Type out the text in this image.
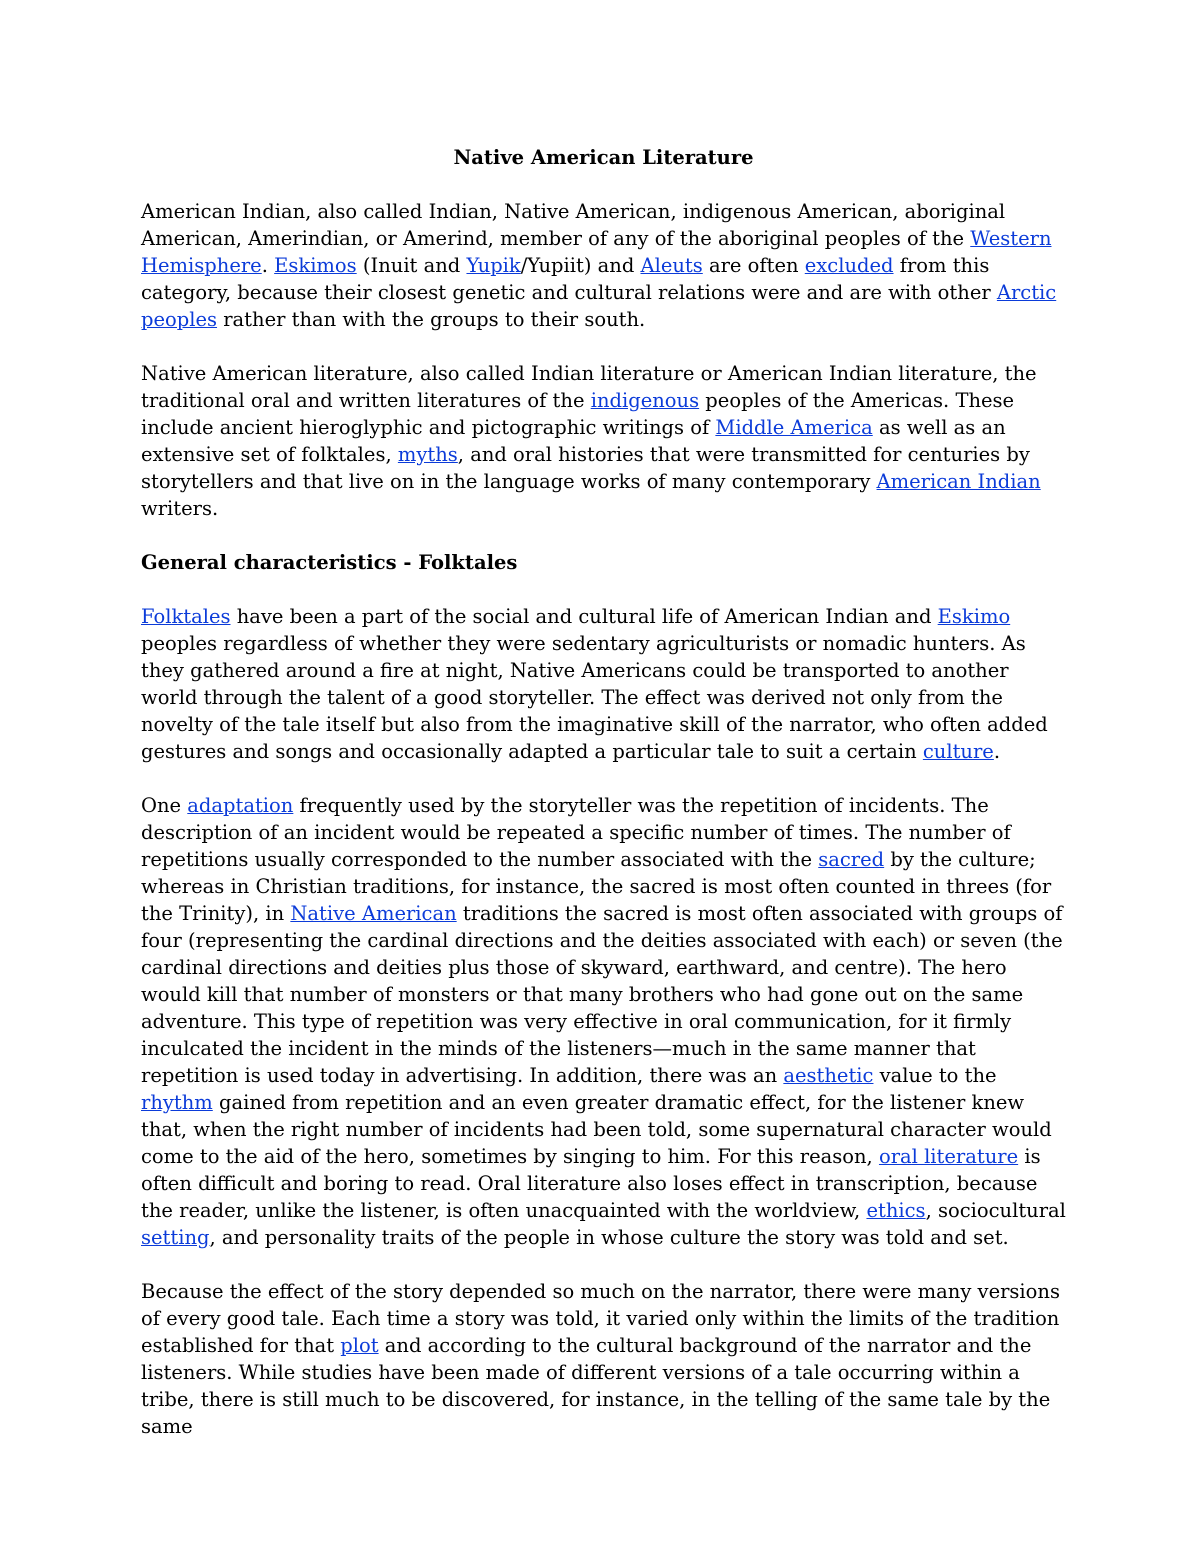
Native American Literature

American Indian, also called Indian, Native American, indigenous American, aboriginal American, Amerindian, or Amerind, member of any of the aboriginal peoples of the Western Hemisphere. Eskimos (Inuit and Yupik/Yupiit) and Aleuts are often excluded from this category, because their closest genetic and cultural relations were and are with other Arctic peoples rather than with the groups to their south.

Native American literature, also called Indian literature or American Indian literature, the traditional oral and written literatures of the indigenous peoples of the Americas. These include ancient hieroglyphic and pictographic writings of Middle America as well as an extensive set of folktales, myths, and oral histories that were transmitted for centuries by storytellers and that live on in the language works of many contemporary American Indian writers.

General characteristics - Folktales

Folktales have been a part of the social and cultural life of American Indian and Eskimo peoples regardless of whether they were sedentary agriculturists or nomadic hunters. As they gathered around a fire at night, Native Americans could be transported to another world through the talent of a good storyteller. The effect was derived not only from the novelty of the tale itself but also from the imaginative skill of the narrator, who often added gestures and songs and occasionally adapted a particular tale to suit a certain culture.

One adaptation frequently used by the storyteller was the repetition of incidents. The description of an incident would be repeated a specific number of times. The number of repetitions usually corresponded to the number associated with the sacred by the culture; whereas in Christian traditions, for instance, the sacred is most often counted in threes (for the Trinity), in Native American traditions the sacred is most often associated with groups of four (representing the cardinal directions and the deities associated with each) or seven (the cardinal directions and deities plus those of skyward, earthward, and centre). The hero would kill that number of monsters or that many brothers who had gone out on the same adventure. This type of repetition was very effective in oral communication, for it firmly inculcated the incident in the minds of the listeners—much in the same manner that repetition is used today in advertising. In addition, there was an aesthetic value to the rhythm gained from repetition and an even greater dramatic effect, for the listener knew that, when the right number of incidents had been told, some supernatural character would come to the aid of the hero, sometimes by singing to him. For this reason, oral literature is often difficult and boring to read. Oral literature also loses effect in transcription, because the reader, unlike the listener, is often unacquainted with the worldview, ethics, sociocultural setting, and personality traits of the people in whose culture the story was told and set.

Because the effect of the story depended so much on the narrator, there were many versions of every good tale. Each time a story was told, it varied only within the limits of the tradition established for that plot and according to the cultural background of the narrator and the listeners. While studies have been made of different versions of a tale occurring within a tribe, there is still much to be discovered, for instance, in the telling of the same tale by the same
